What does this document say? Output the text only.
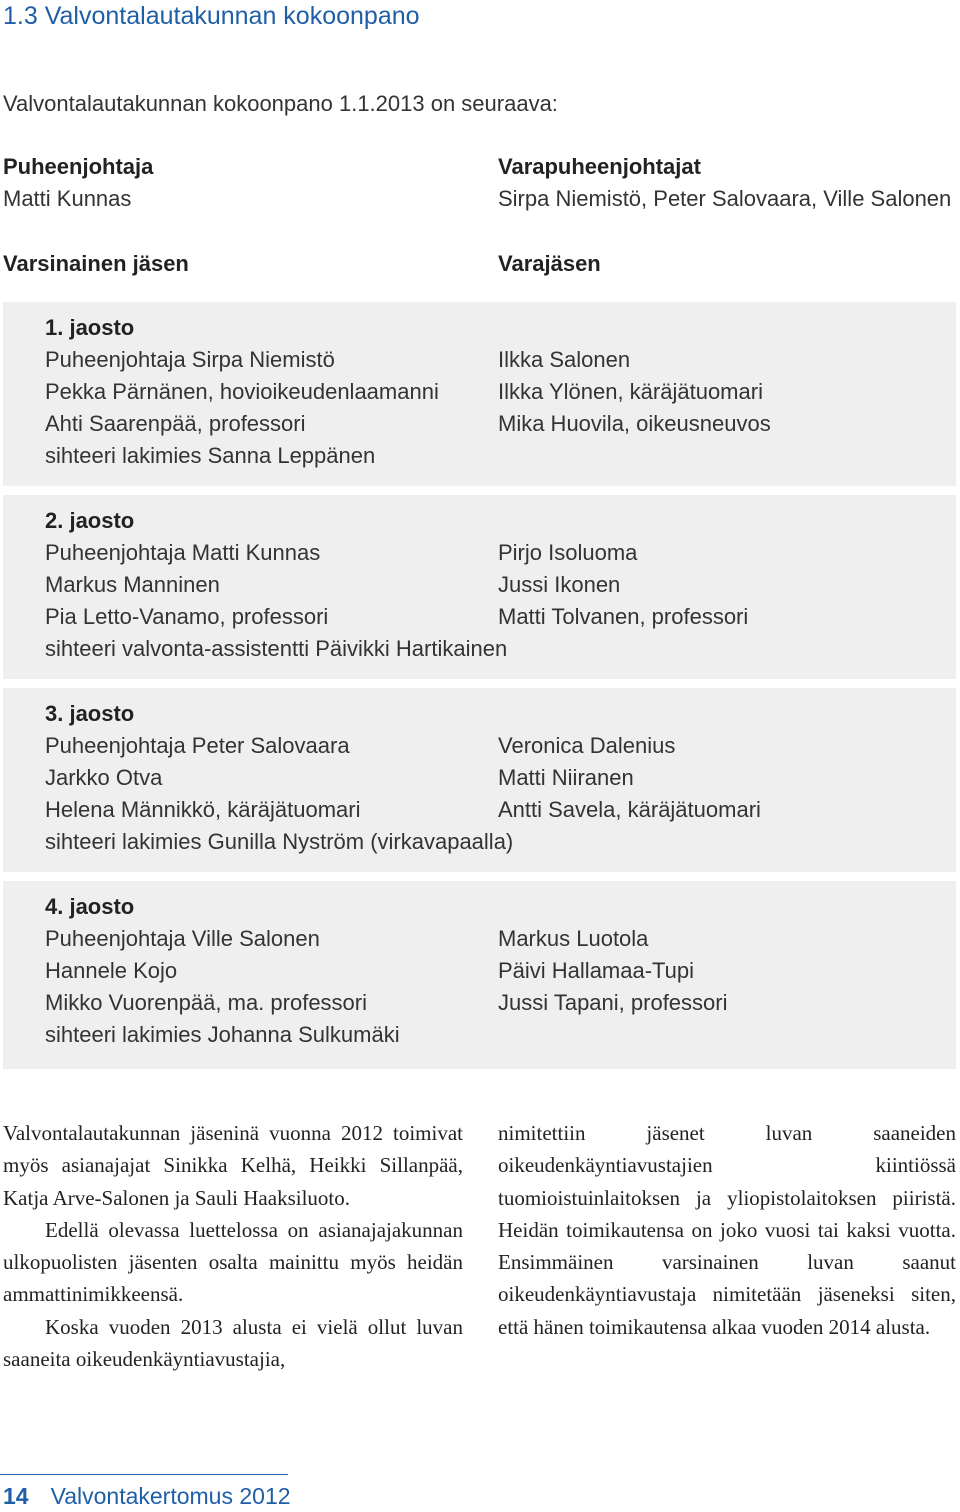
1.3 Valvontalautakunnan kokoonpano
Valvontalautakunnan kokoonpano 1.1.2013 on seuraava:
Puheenjohtaja
Matti Kunnas
Varapuheenjohtajat
Sirpa Niemistö, Peter Salovaara, Ville Salonen
Varsinainen jäsen	Varajäsen
1. jaosto
Puheenjohtaja Sirpa Niemistö
Pekka Pärnänen, hovioikeudenlaamanni
Ahti Saarenpää, professori
sihteeri lakimies Sanna Leppänen
Ilkka Salonen
Ilkka Ylönen, käräjätuomari
Mika Huovila, oikeusneuvos
2. jaosto
Puheenjohtaja Matti Kunnas
Markus Manninen
Pia Letto-Vanamo, professori
sihteeri valvonta-assistentti Päivikki Hartikainen
Pirjo Isoluoma
Jussi Ikonen
Matti Tolvanen, professori
3. jaosto
Puheenjohtaja Peter Salovaara
Jarkko Otva
Helena Männikkö, käräjätuomari
sihteeri lakimies Gunilla Nyström (virkavapaalla)
Veronica Dalenius
Matti Niiranen
Antti Savela, käräjätuomari
4. jaosto
Puheenjohtaja Ville Salonen
Hannele Kojo
Mikko Vuorenpää, ma. professori
sihteeri lakimies Johanna Sulkumäki
Markus Luotola
Päivi Hallamaa-Tupi
Jussi Tapani, professori

Valvontalautakunnan jäseninä vuonna 2012 toimivat myös asianajajat Sinikka Kelhä, Heikki Sillanpää, Katja Arve-Salonen ja Sauli Haaksiluoto.

Edellä olevassa luettelossa on asianajajakunnan ulkopuolisten jäsenten osalta mainittu myös heidän ammattinimikkeensä.

Koska vuoden 2013 alusta ei vielä ollut luvan saaneita oikeudenkäyntiavustajia,

nimitettiin jäsenet luvan saaneiden oikeudenkäyntiavustajien kiintiössä tuomioistuinlaitoksen ja yliopistolaitoksen piiristä. Heidän toimikautensa on joko vuosi tai kaksi vuotta. Ensimmäinen varsinainen luvan saanut oikeudenkäyntiavustaja nimitetään jäseneksi siten, että hänen toimikautensa alkaa vuoden 2014 alusta.

14 Valvontakertomus 2012
